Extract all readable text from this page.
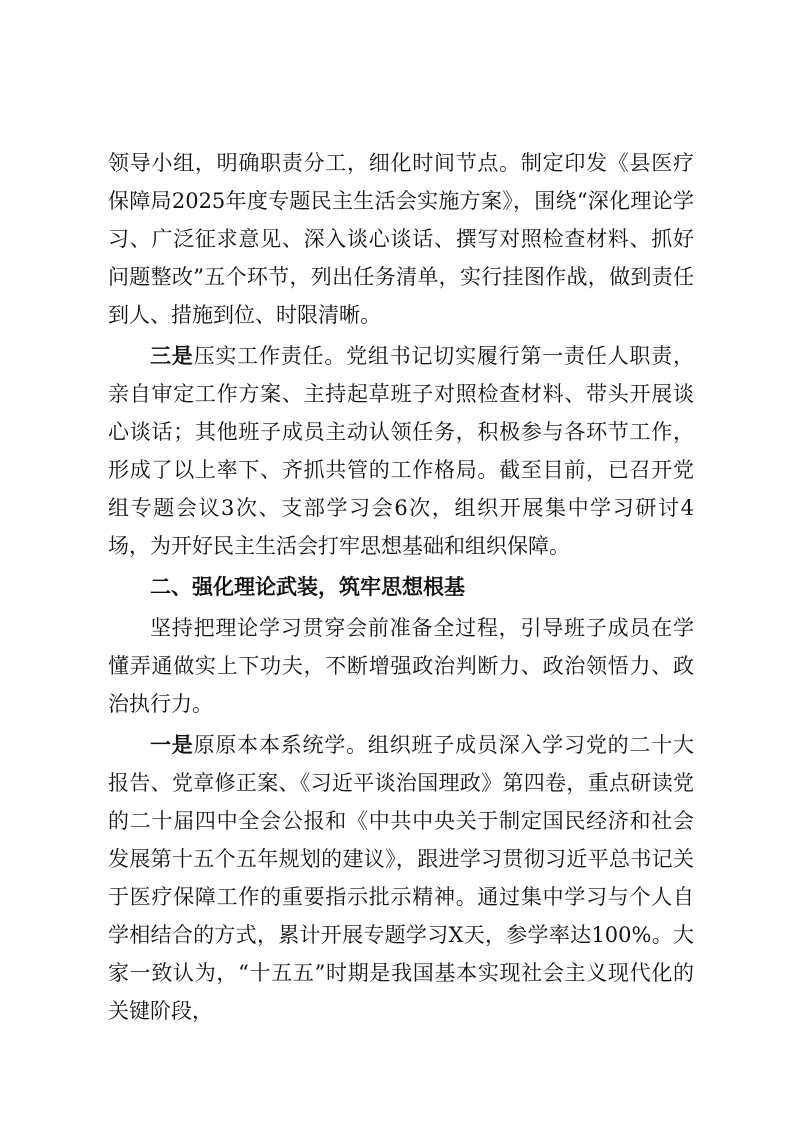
领导小组，明确职责分工，细化时间节点。制定印发《县医疗保障局2025年度专题民主生活会实施方案》，围绕“深化理论学习、广泛征求意见、深入谈心谈话、撰写对照检查材料、抓好问题整改”五个环节，列出任务清单，实行挂图作战，做到责任到人、措施到位、时限清晰。

三是压实工作责任。党组书记切实履行第一责任人职责，亲自审定工作方案、主持起草班子对照检查材料、带头开展谈心谈话；其他班子成员主动认领任务，积极参与各环节工作，形成了以上率下、齐抓共管的工作格局。截至目前，已召开党组专题会议3次、支部学习会6次，组织开展集中学习研讨4场，为开好民主生活会打牢思想基础和组织保障。

二、强化理论武装，筑牢思想根基

坚持把理论学习贯穿会前准备全过程，引导班子成员在学懂弄通做实上下功夫，不断增强政治判断力、政治领悟力、政治执行力。

一是原原本本系统学。组织班子成员深入学习党的二十大报告、党章修正案、《习近平谈治国理政》第四卷，重点研读党的二十届四中全会公报和《中共中央关于制定国民经济和社会发展第十五个五年规划的建议》，跟进学习贯彻习近平总书记关于医疗保障工作的重要指示批示精神。通过集中学习与个人自学相结合的方式，累计开展专题学习X天，参学率达100%。大家一致认为，“十五五”时期是我国基本实现社会主义现代化的关键阶段，
